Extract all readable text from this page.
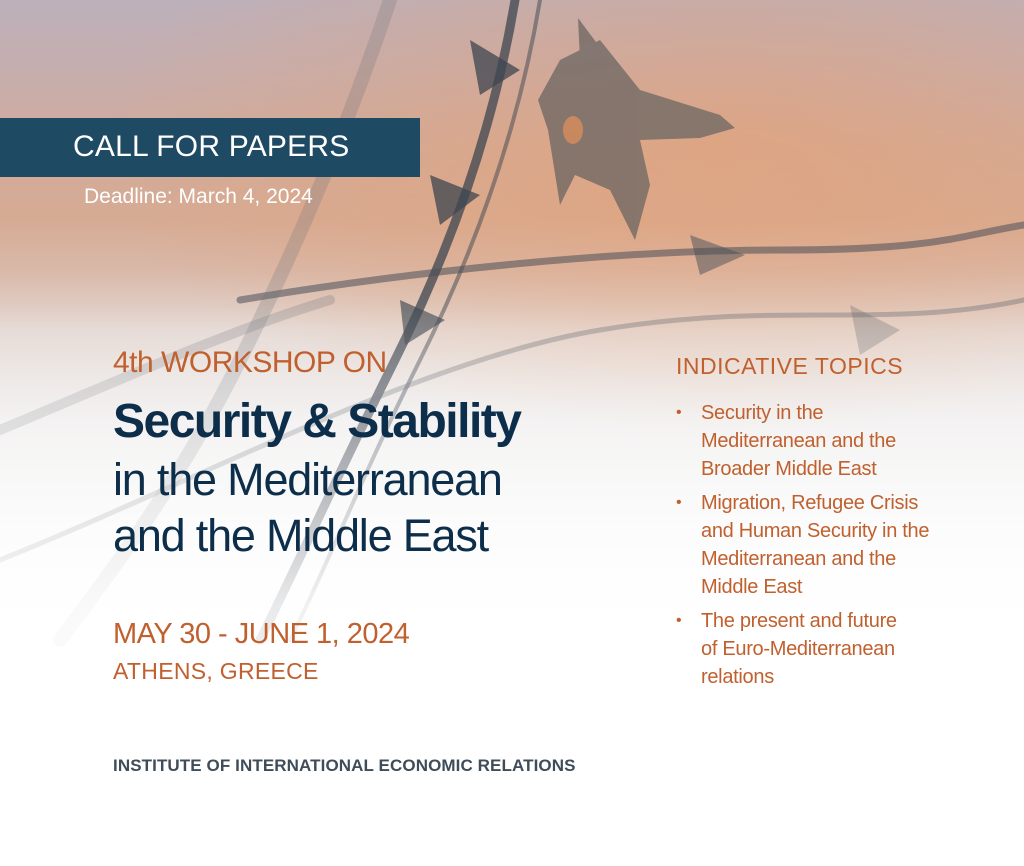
CALL FOR PAPERS
Deadline: March 4, 2024
4th WORKSHOP ON
Security & Stability
in the Mediterranean
and the Middle East
MAY 30 - JUNE 1, 2024
ATHENS, GREECE
INSTITUTE OF INTERNATIONAL ECONOMIC RELATIONS
INDICATIVE TOPICS
• Security in the
Mediterranean and the
Broader Middle East
• Migration, Refugee Crisis
and Human Security in the
Mediterranean and the
Middle East
• The present and future
of Euro-Mediterranean
relations
